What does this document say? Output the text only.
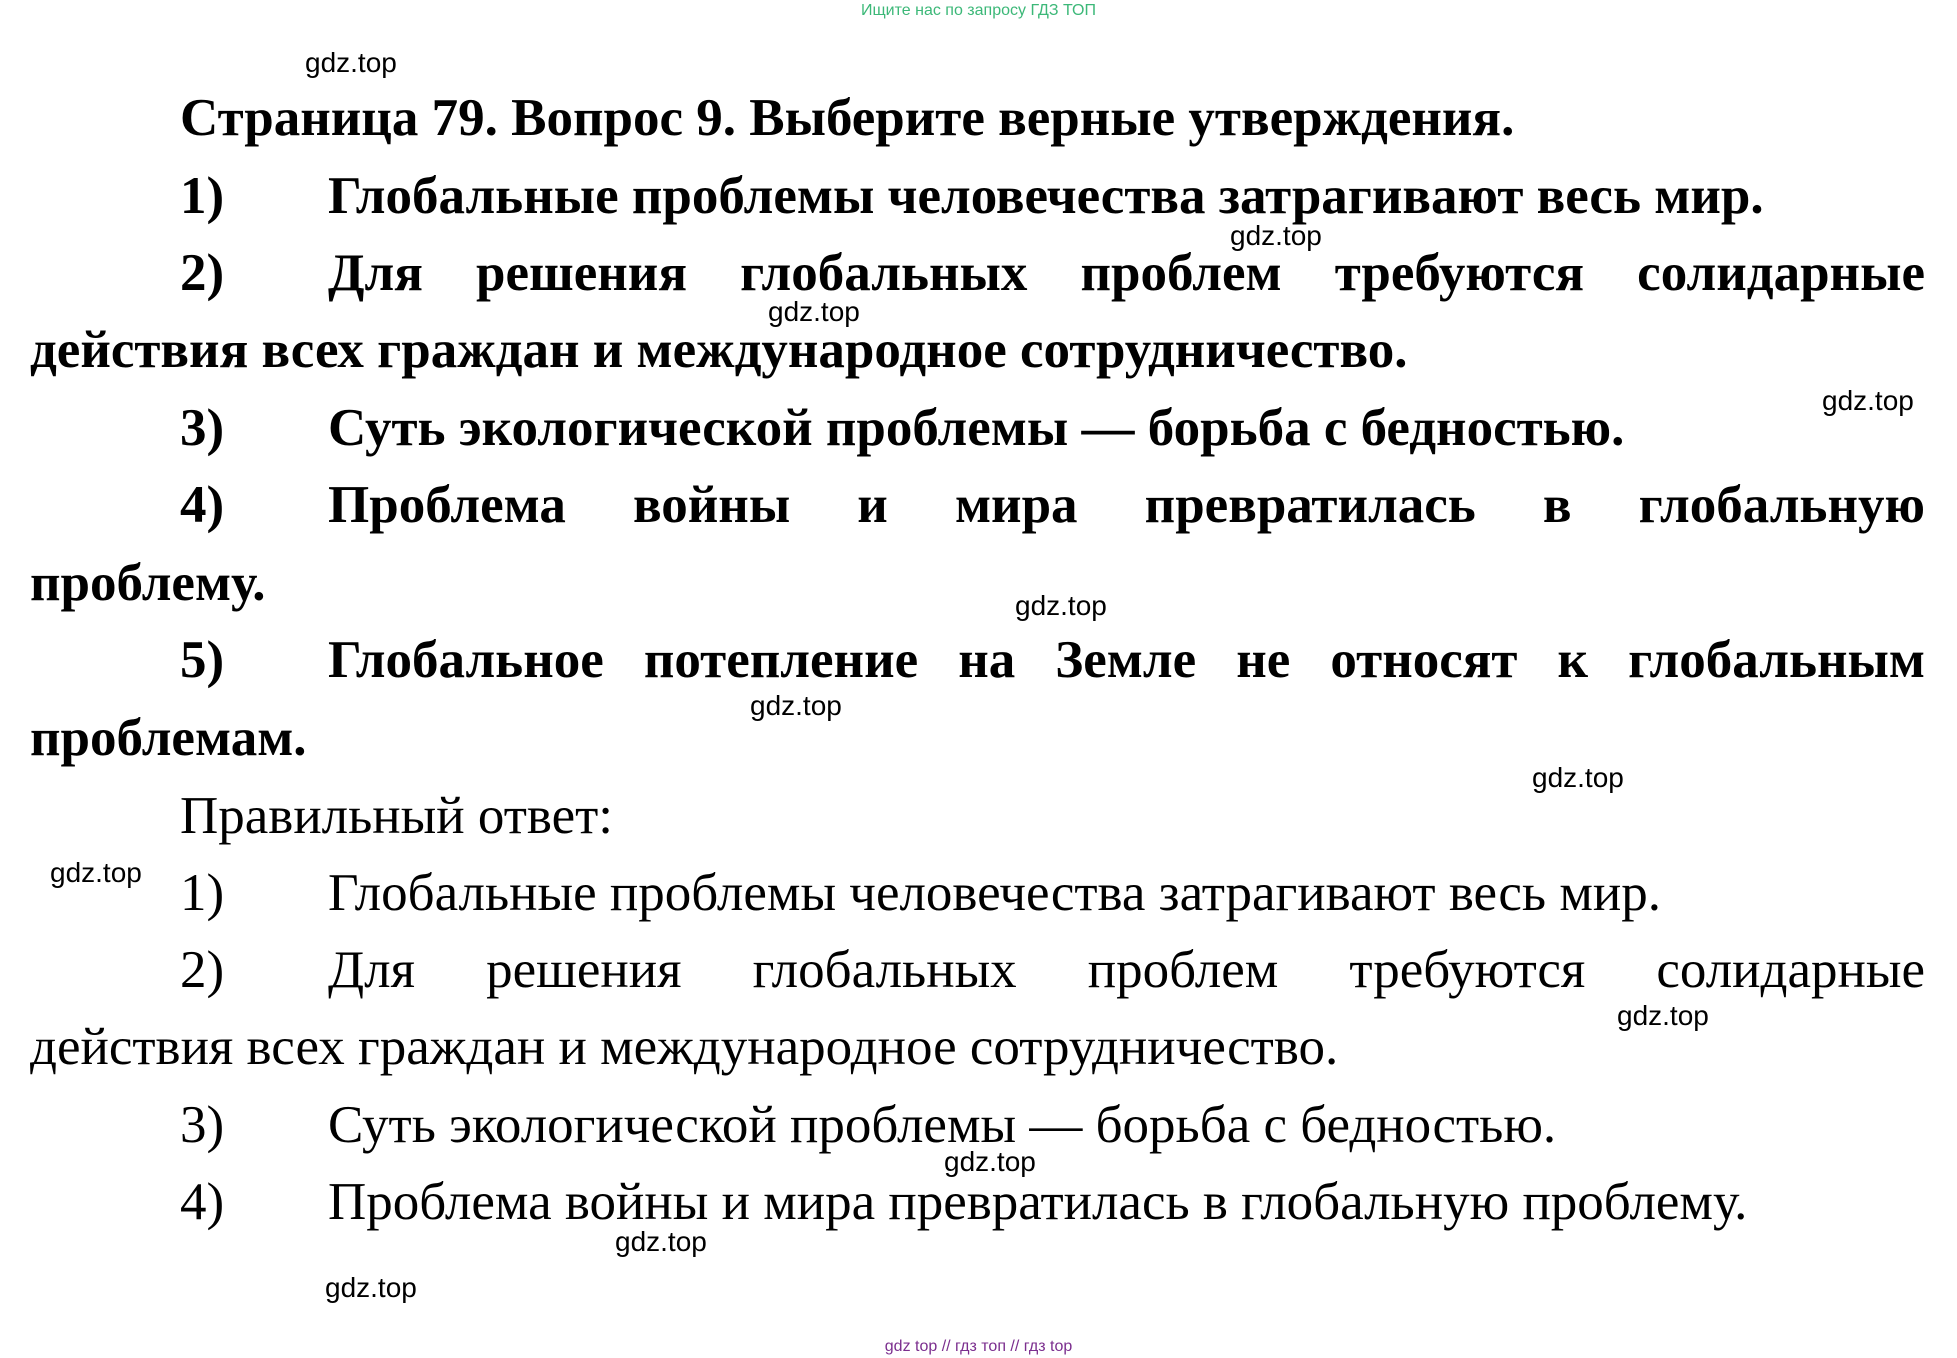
Ищите нас по запросу ГДЗ ТОП
gdz.top
gdz.top
gdz.top
gdz.top
gdz.top
gdz.top
gdz.top
gdz.top
gdz.top
gdz.top
gdz.top
gdz.top
Страница 79. Вопрос 9. Выберите верные утверждения.
1) Глобальные проблемы человечества затрагивают весь мир.
2) Для решения глобальных проблем требуются солидарные
действия всех граждан и международное сотрудничество.
3) Суть экологической проблемы — борьба с бедностью.
4) Проблема войны и мира превратилась в глобальную
проблему.
5) Глобальное потепление на Земле не относят к глобальным
проблемам.
Правильный ответ:
1) Глобальные проблемы человечества затрагивают весь мир.
2) Для решения глобальных проблем требуются солидарные
действия всех граждан и международное сотрудничество.
3) Суть экологической проблемы — борьба с бедностью.
4) Проблема войны и мира превратилась в глобальную проблему.
gdz top // гдз топ // гдз top
